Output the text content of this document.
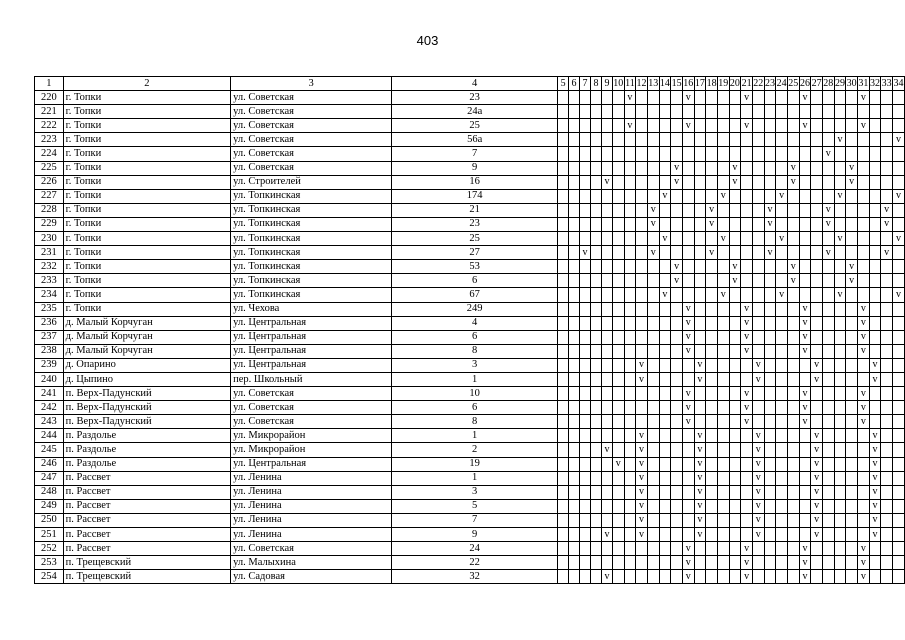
403
1	2	3	4	5	6	7	8	9	10	11	12	13	14	15	16	17	18	19	20	21	22	23	24	25	26	27	28	29	30	31	32	33	34
220	г. Топки	ул. Советская	23							v					v					v					v					v			
221	г. Топки	ул. Советская	24а																														
222	г. Топки	ул. Советская	25							v					v					v					v					v			
223	г. Топки	ул. Советская	56а																									v					v
224	г. Топки	ул. Советская	7																								v						
225	г. Топки	ул. Советская	9											v					v					v					v				
226	г. Топки	ул. Строителей	16					v						v					v					v					v				
227	г. Топки	ул. Топкинская	174										v					v					v					v					v
228	г. Топки	ул. Топкинская	21									v					v					v					v					v	
229	г. Топки	ул. Топкинская	23									v					v					v					v					v	
230	г. Топки	ул. Топкинская	25										v					v					v					v					v
231	г. Топки	ул. Топкинская	27			v						v					v					v					v					v	
232	г. Топки	ул. Топкинская	53											v					v					v					v				
233	г. Топки	ул. Топкинская	6											v					v					v					v				
234	г. Топки	ул. Топкинская	67										v					v					v					v					v
235	г. Топки	ул. Чехова	249												v					v					v					v			
236	д. Малый Корчуган	ул. Центральная	4												v					v					v					v			
237	д. Малый Корчуган	ул. Центральная	6												v					v					v					v			
238	д. Малый Корчуган	ул. Центральная	8												v					v					v					v			
239	д. Опарино	ул. Центральная	3								v					v					v					v					v		
240	д. Цыпино	пер. Школьный	1								v					v					v					v					v		
241	п. Верх-Падунский	ул. Советская	10												v					v					v					v			
242	п. Верх-Падунский	ул. Советская	6												v					v					v					v			
243	п. Верх-Падунский	ул. Советская	8												v					v					v					v			
244	п. Раздолье	ул. Микрорайон	1								v					v					v					v					v		
245	п. Раздолье	ул. Микрорайон	2					v			v					v					v					v					v		
246	п. Раздолье	ул. Центральная	19						v		v					v					v					v					v		
247	п. Рассвет	ул. Ленина	1								v					v					v					v					v		
248	п. Рассвет	ул. Ленина	3								v					v					v					v					v		
249	п. Рассвет	ул. Ленина	5								v					v					v					v					v		
250	п. Рассвет	ул. Ленина	7								v					v					v					v					v		
251	п. Рассвет	ул. Ленина	9					v			v					v					v					v					v		
252	п. Рассвет	ул. Советская	24												v					v					v					v			
253	п. Трещевский	ул. Малыхина	22												v					v					v					v			
254	п. Трещевский	ул. Садовая	32					v							v					v					v					v			
